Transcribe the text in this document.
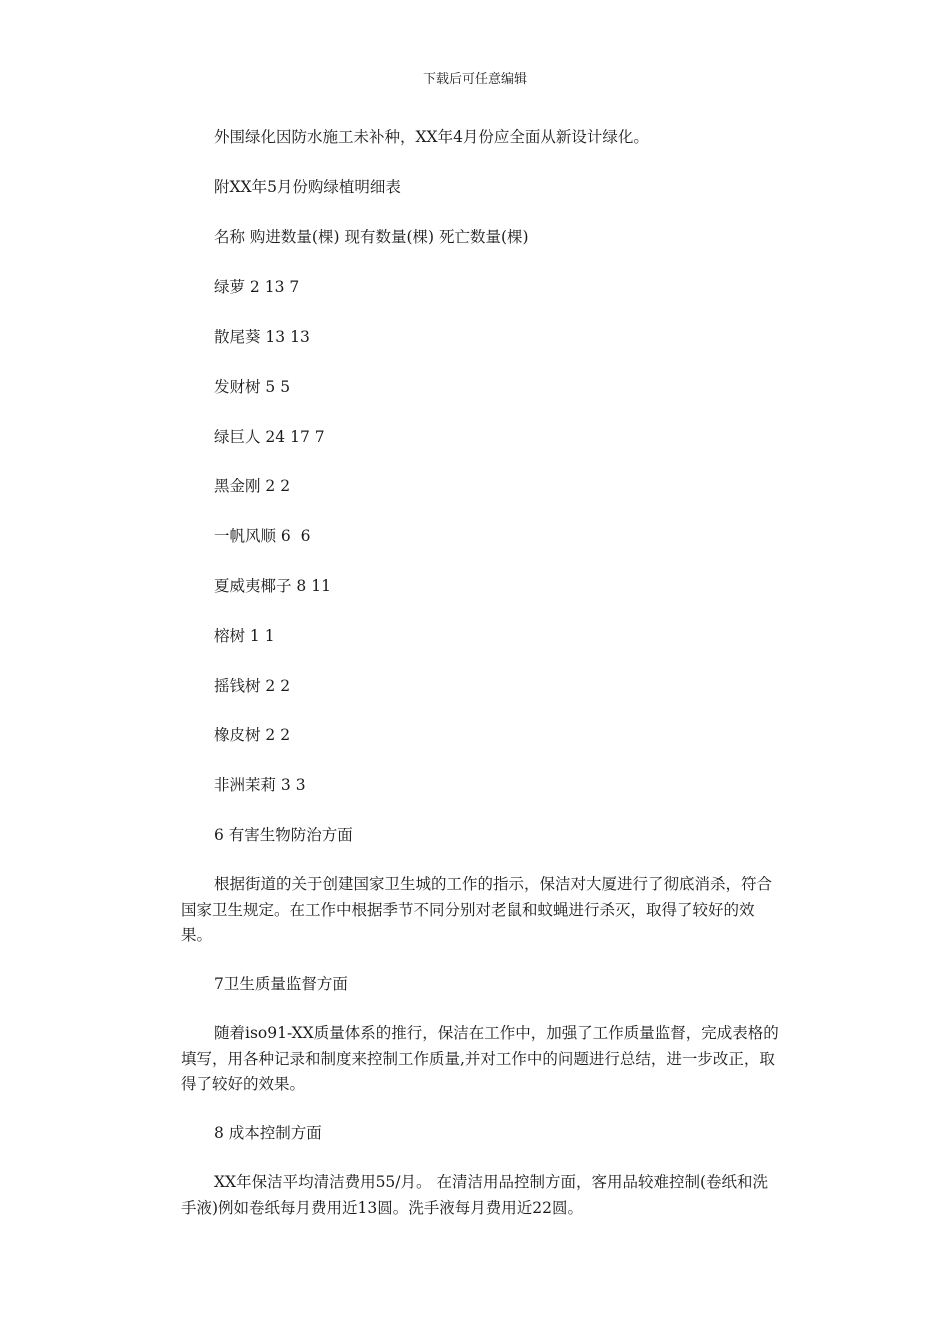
下载后可任意编辑

外围绿化因防水施工未补种，XX年4月份应全面从新设计绿化。

附XX年5月份购绿植明细表

名称 购进数量(棵) 现有数量(棵) 死亡数量(棵)

绿萝 2 13 7

散尾葵 13 13

发财树 5 5

绿巨人 24 17 7

黑金刚 2 2

一帆风顺 6  6

夏威夷椰子 8 11

榕树 1 1

摇钱树 2 2

橡皮树 2 2

非洲茉莉 3 3

6 有害生物防治方面

根据街道的关于创建国家卫生城的工作的指示，保洁对大厦进行了彻底消杀，符合国家卫生规定。在工作中根据季节不同分别对老鼠和蚊蝇进行杀灭，取得了较好的效果。

7卫生质量监督方面

随着iso91-XX质量体系的推行，保洁在工作中，加强了工作质量监督，完成表格的填写，用各种记录和制度来控制工作质量,并对工作中的问题进行总结，进一步改正，取得了较好的效果。

8 成本控制方面

XX年保洁平均清洁费用55/月。 在清洁用品控制方面，客用品较难控制(卷纸和洗手液)例如卷纸每月费用近13圆。洗手液每月费用近22圆。
